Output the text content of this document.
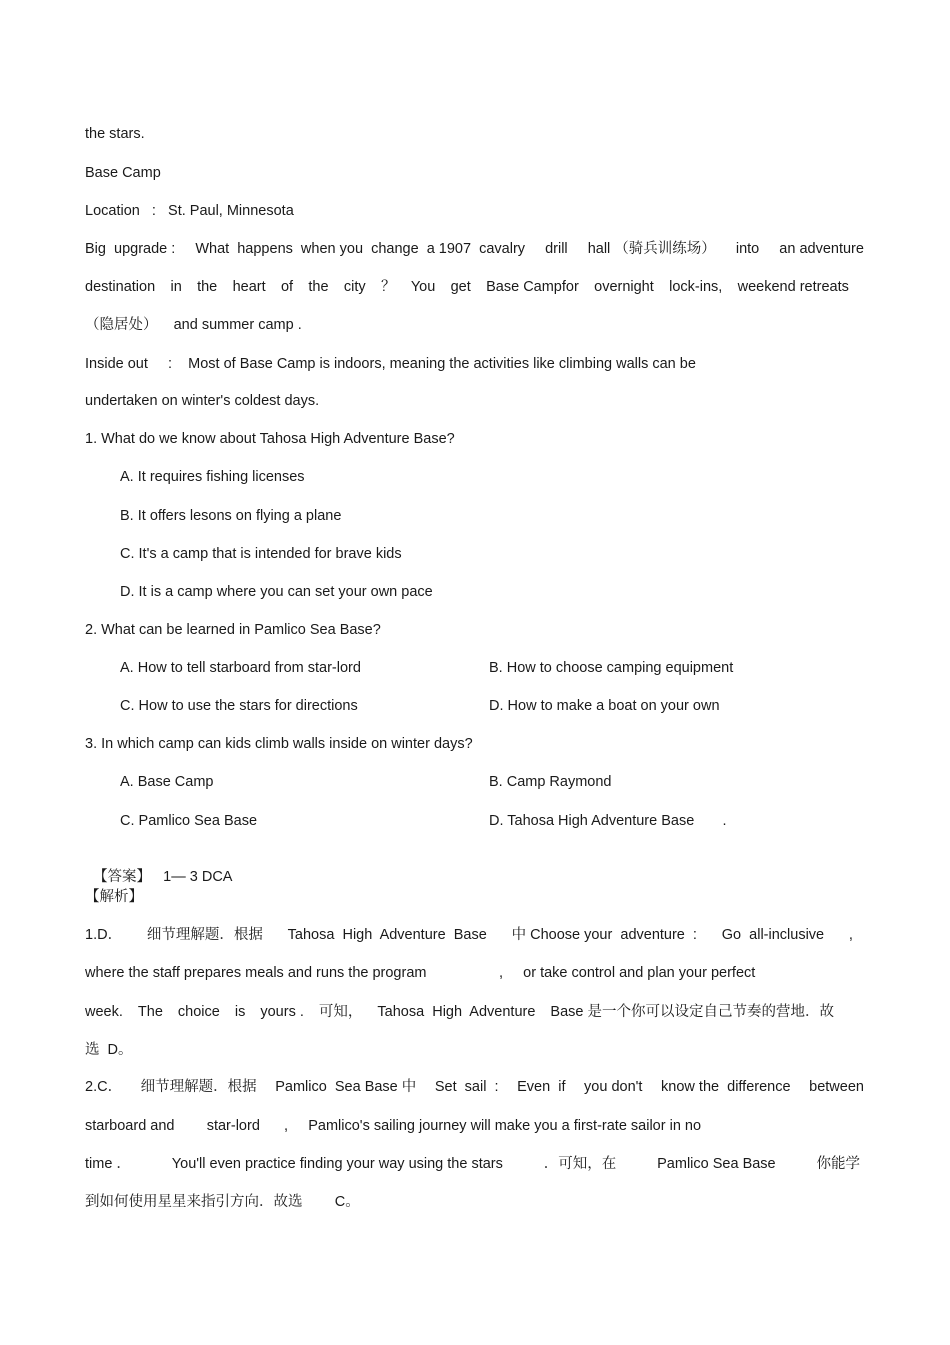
the stars.
Base Camp
Location   :   St. Paul, Minnesota
Big  upgrade : What  happens  when you  change  a 1907  cavalry drill hall （骑兵训练场） into an adventure
destination in the heart of the city ？ You get Base Campfor overnight lock-ins, weekend retreats
（隐居处）    and summer camp .
Inside out     :    Most of Base Camp is indoors, meaning the activities like climbing walls can be
undertaken on winter's coldest days.
1. What do we know about Tahosa High Adventure Base?
A. It requires fishing licenses
B. It offers lesons on flying a plane
C. It's a camp that is intended for brave kids
D. It is a camp where you can set your own pace
2. What can be learned in Pamlico Sea Base?
A. How to tell starboard from star-lord	B. How to choose camping equipment
C. How to use the stars for directions	D. How to make a boat on your own
3. In which camp can kids climb walls inside on winter days?
A. Base Camp	B. Camp Raymond
C. Pamlico Sea Base	D. Tahosa High Adventure Base       .

【答案】 1— 3 DCA

【解析】
1.D． 细节理解题．根据 Tahosa  High  Adventure  Base 中 Choose your  adventure  : Go  all-inclusive ,
where the staff prepares meals and runs the program                  ,     or take control and plan your perfect
week. The choice is yours . 可知， Tahosa  High  Adventure Base 是一个你可以设定自己节奏的营地．故
选  D。
2.C． 细节理解题．根据 Pamlico  Sea Base 中 Set  sail  : Even  if you don't know the  difference between
starboard and        star-lord      ,     Pamlico's sailing journey will make you a first-rate sailor in no
time ．	You'll even practice finding your way using the stars	．可知，在	Pamlico Sea Base	你能学
到如何使用星星来指引方向．故选        C。
